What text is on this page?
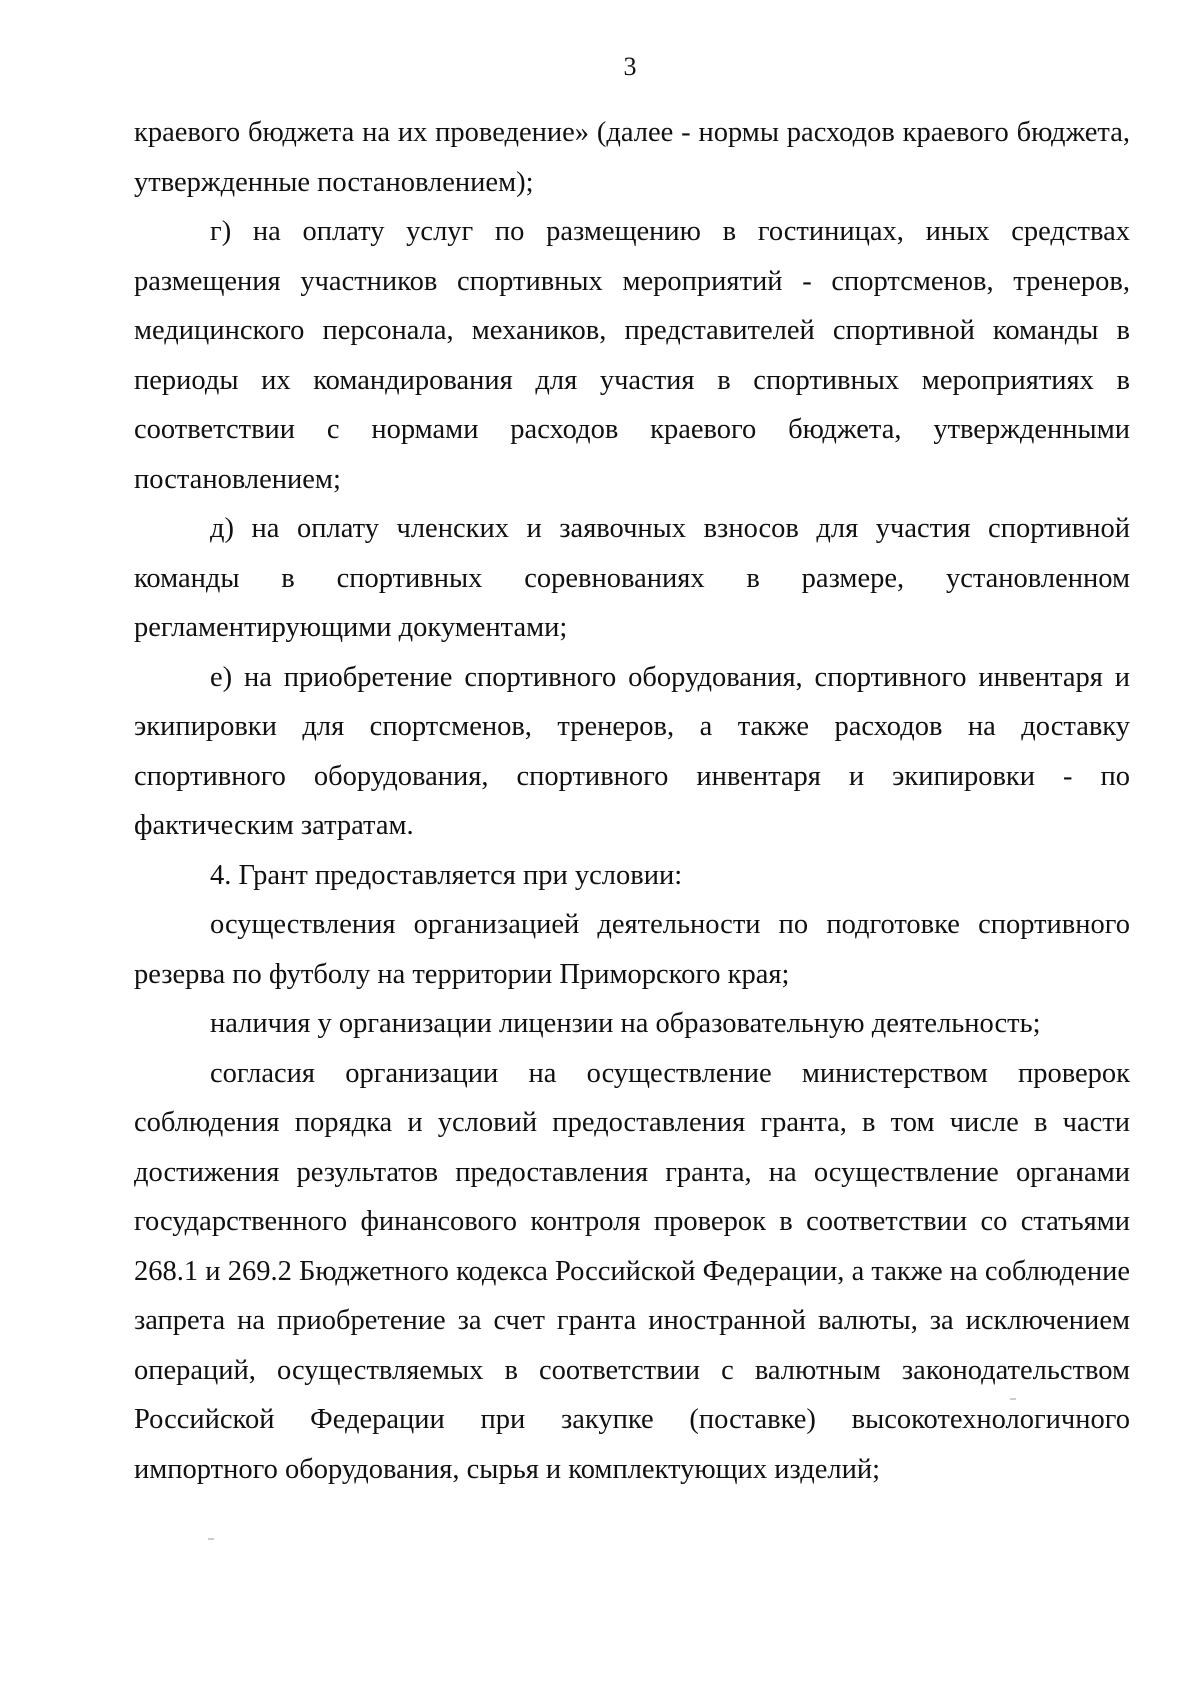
3

краевого бюджета на их проведение» (далее - нормы расходов краевого бюджета, утвержденные постановлением);

г) на оплату услуг по размещению в гостиницах, иных средствах размещения участников спортивных мероприятий - спортсменов, тренеров, медицинского персонала, механиков, представителей спортивной команды в периоды их командирования для участия в спортивных мероприятиях в соответствии с нормами расходов краевого бюджета, утвержденными постановлением;

д) на оплату членских и заявочных взносов для участия спортивной команды в спортивных соревнованиях в размере, установленном регламентирующими документами;

е) на приобретение спортивного оборудования, спортивного инвентаря и экипировки для спортсменов, тренеров, а также расходов на доставку спортивного оборудования, спортивного инвентаря и экипировки - по фактическим затратам.

4. Грант предоставляется при условии:

осуществления организацией деятельности по подготовке спортивного резерва по футболу на территории Приморского края;

наличия у организации лицензии на образовательную деятельность;

согласия организации на осуществление министерством проверок соблюдения порядка и условий предоставления гранта, в том числе в части достижения результатов предоставления гранта, на осуществление органами государственного финансового контроля проверок в соответствии со статьями 268.1 и 269.2 Бюджетного кодекса Российской Федерации, а также на соблюдение запрета на приобретение за счет гранта иностранной валюты, за исключением операций, осуществляемых в соответствии с валютным законодательством Российской Федерации при закупке (поставке) высокотехнологичного импортного оборудования, сырья и комплектующих изделий;
